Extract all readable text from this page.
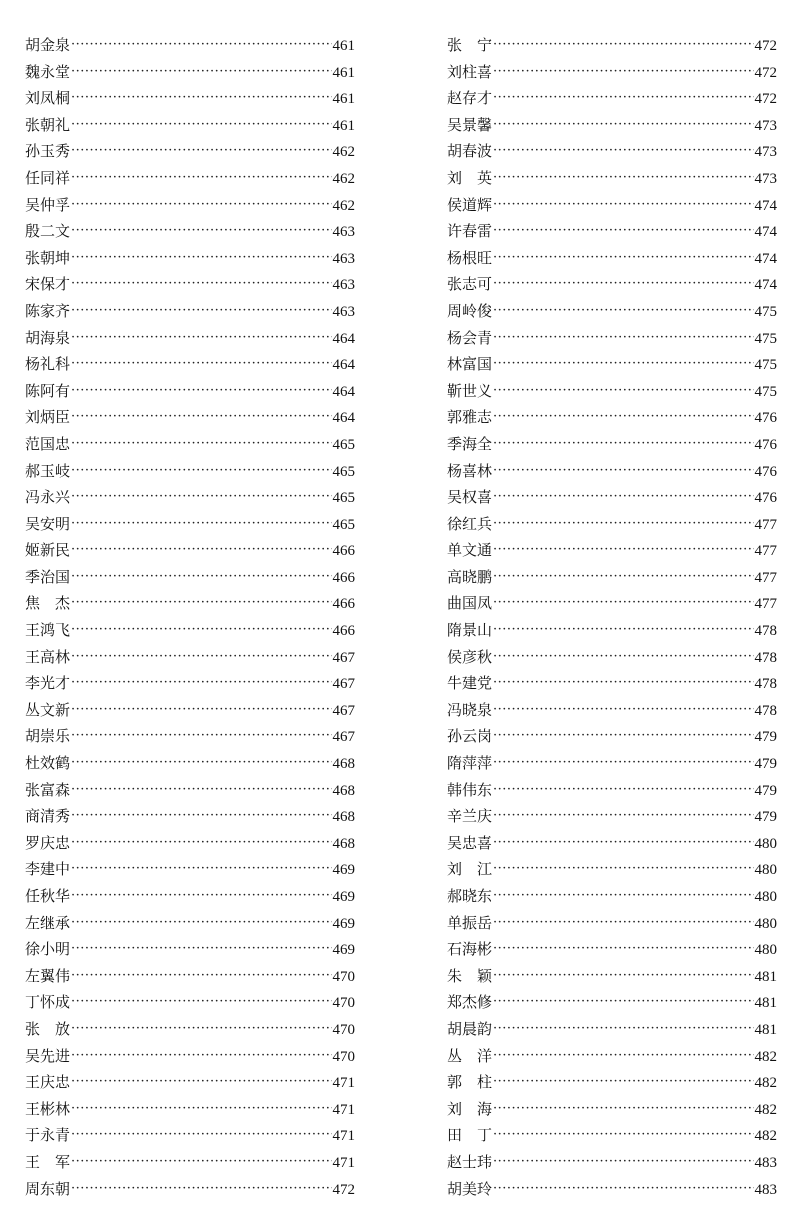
胡金泉 ·····	461
魏永堂 ·····	461
刘凤桐 ·····	461
张朝礼 ·····	461
孙玉秀 ·····	462
任同祥 ·····	462
吴仲孚 ·····	462
殷二文 ·····	463
张朝坤 ·····	463
宋保才 ·····	463
陈家齐 ·····	463
胡海泉 ·····	464
杨礼科 ·····	464
陈阿有 ·····	464
刘炳臣 ·····	464
范国忠 ·····	465
郝玉岐 ·····	465
冯永兴 ·····	465
吴安明 ·····	465
姬新民 ·····	466
季治国 ·····	466
焦　杰 ·····	466
王鸿飞 ·····	466
王高林 ·····	467
李光才 ·····	467
丛文新 ·····	467
胡崇乐 ·····	467
杜效鹤 ·····	468
张富森 ·····	468
商清秀 ·····	468
罗庆忠 ·····	468
李建中 ·····	469
任秋华 ·····	469
左继承 ·····	469
徐小明 ·····	469
左翼伟 ·····	470
丁怀成 ·····	470
张　放 ·····	470
吴先进 ·····	470
王庆忠 ·····	471
王彬林 ·····	471
于永青 ·····	471
王　军 ·····	471
周东朝 ·····	472
张　宁 ·····	472
刘柱喜 ·····	472
赵存才 ·····	472
吴景馨 ·····	473
胡春波 ·····	473
刘　英 ·····	473
侯道辉 ·····	474
许春雷 ·····	474
杨根旺 ·····	474
张志可 ·····	474
周岭俊 ·····	475
杨会青 ·····	475
林富国 ·····	475
靳世义 ·····	475
郭雅志 ·····	476
季海全 ·····	476
杨喜林 ·····	476
吴权喜 ·····	476
徐红兵 ·····	477
单文通 ·····	477
高晓鹏 ·····	477
曲国凤 ·····	477
隋景山 ·····	478
侯彦秋 ·····	478
牛建党 ·····	478
冯晓泉 ·····	478
孙云岗 ·····	479
隋萍萍 ·····	479
韩伟东 ·····	479
辛兰庆 ·····	479
吴忠喜 ·····	480
刘　江 ·····	480
郝晓东 ·····	480
单振岳 ·····	480
石海彬 ·····	480
朱　颖 ·····	481
郑杰修 ·····	481
胡晨韵 ·····	481
丛　洋 ·····	482
郭　柱 ·····	482
刘　海 ·····	482
田　丁 ·····	482
赵士玮 ·····	483
胡美玲 ·····	483
